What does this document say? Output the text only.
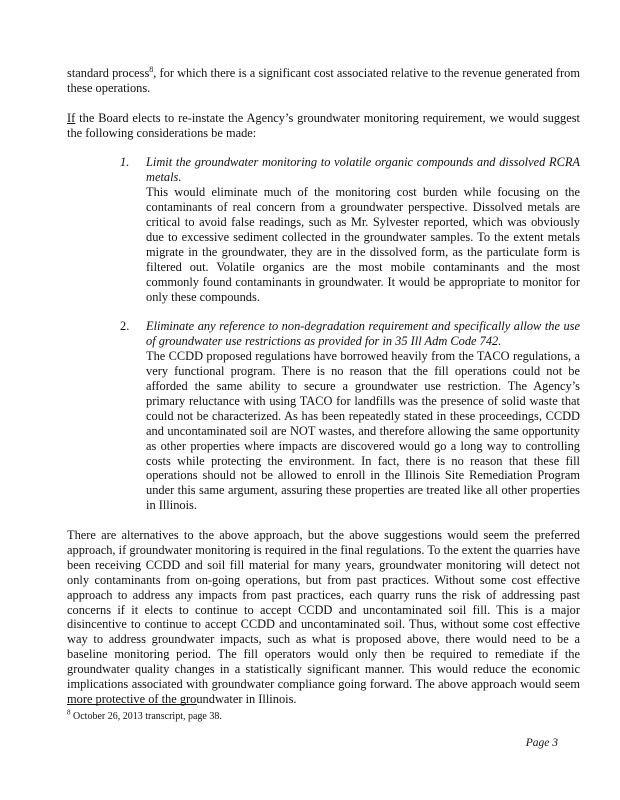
standard process$^8$, for which there is a significant cost associated relative to the revenue generated from these operations.

If the Board elects to re-instate the Agency’s groundwater monitoring requirement, we would suggest the following considerations be made:

1. Limit the groundwater monitoring to volatile organic compounds and dissolved RCRA metals.

This would eliminate much of the monitoring cost burden while focusing on the contaminants of real concern from a groundwater perspective. Dissolved metals are critical to avoid false readings, such as Mr. Sylvester reported, which was obviously due to excessive sediment collected in the groundwater samples. To the extent metals migrate in the groundwater, they are in the dissolved form, as the particulate form is filtered out. Volatile organics are the most mobile contaminants and the most commonly found contaminants in groundwater. It would be appropriate to monitor for only these compounds.

2. Eliminate any reference to non-degradation requirement and specifically allow the use of groundwater use restrictions as provided for in 35 Ill Adm Code 742.

The CCDD proposed regulations have borrowed heavily from the TACO regulations, a very functional program. There is no reason that the fill operations could not be afforded the same ability to secure a groundwater use restriction. The Agency’s primary reluctance with using TACO for landfills was the presence of solid waste that could not be characterized. As has been repeatedly stated in these proceedings, CCDD and uncontaminated soil are NOT wastes, and therefore allowing the same opportunity as other properties where impacts are discovered would go a long way to controlling costs while protecting the environment. In fact, there is no reason that these fill operations should not be allowed to enroll in the Illinois Site Remediation Program under this same argument, assuring these properties are treated like all other properties in Illinois.

There are alternatives to the above approach, but the above suggestions would seem the preferred approach, if groundwater monitoring is required in the final regulations. To the extent the quarries have been receiving CCDD and soil fill material for many years, groundwater monitoring will detect not only contaminants from on-going operations, but from past practices. Without some cost effective approach to address any impacts from past practices, each quarry runs the risk of addressing past concerns if it elects to continue to accept CCDD and uncontaminated soil fill. This is a major disincentive to continue to accept CCDD and uncontaminated soil. Thus, without some cost effective way to address groundwater impacts, such as what is proposed above, there would need to be a baseline monitoring period. The fill operators would only then be required to remediate if the groundwater quality changes in a statistically significant manner. This would reduce the economic implications associated with groundwater compliance going forward. The above approach would seem more protective of the groundwater in Illinois.

$^8$ October 26, 2013 transcript, page 38.
Page 3
